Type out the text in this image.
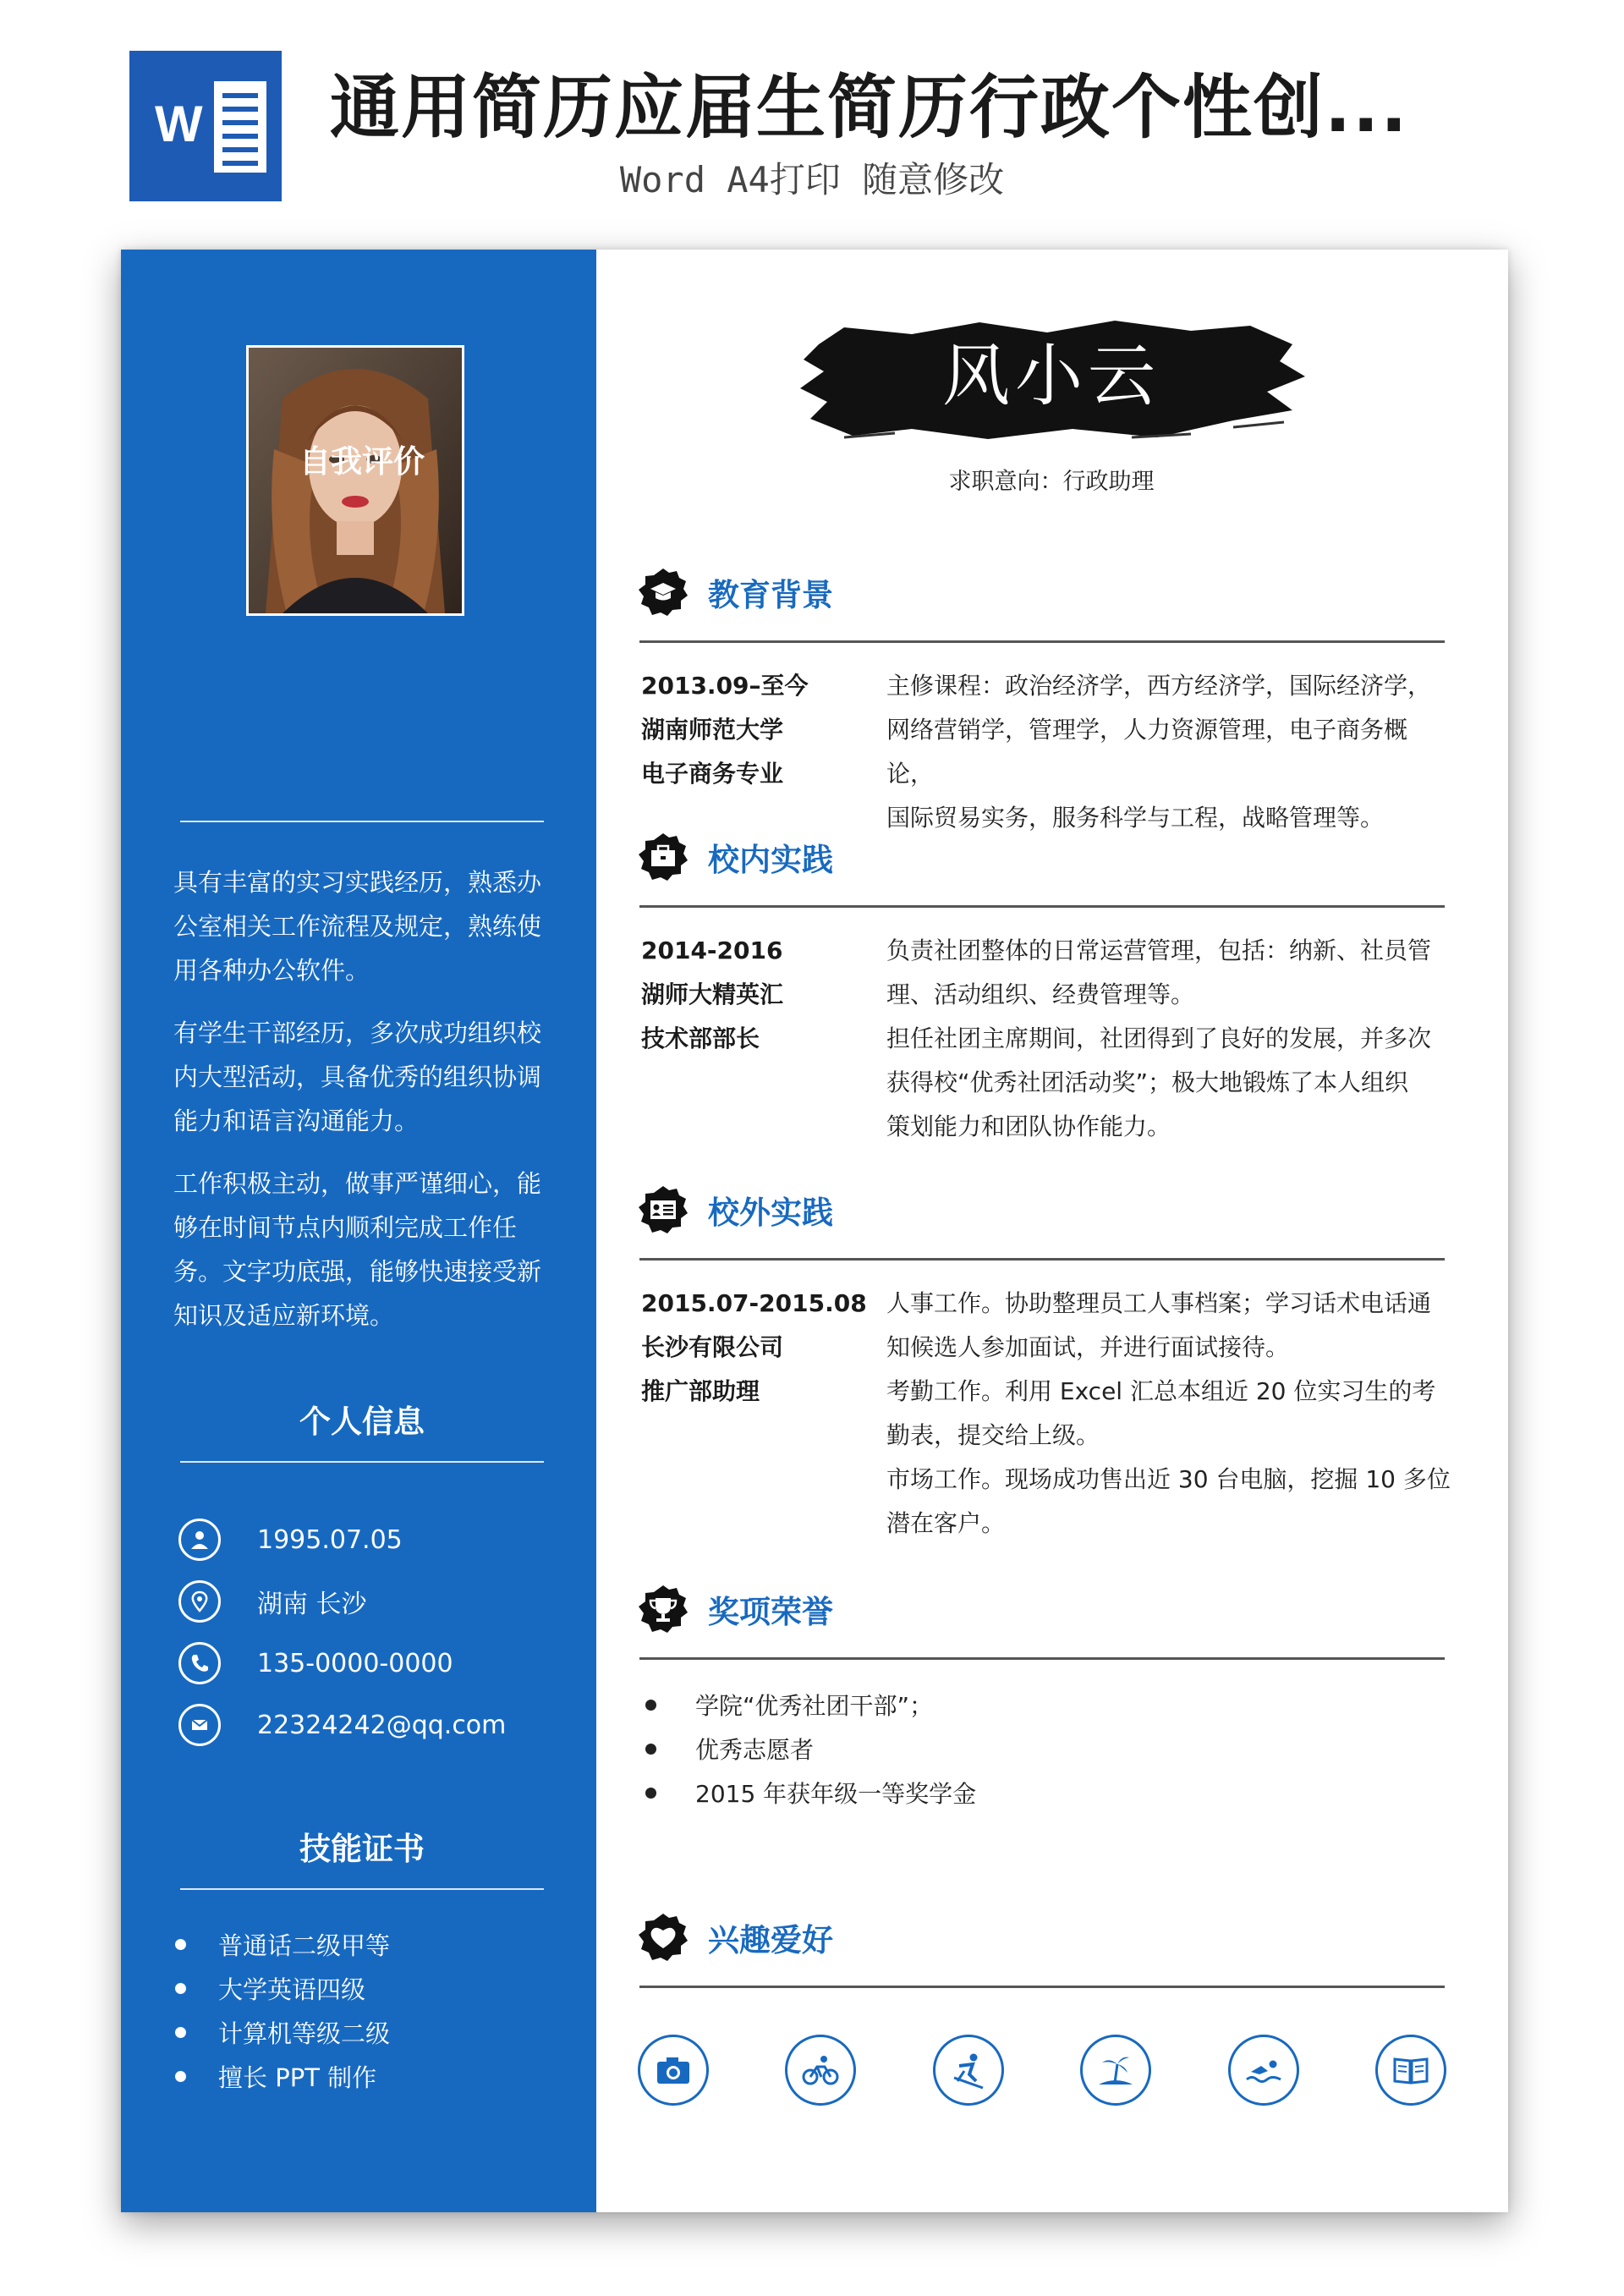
W 通用简历应届生简历行政个性创...
Word A4打印 随意修改
自我评价
具有丰富的实习实践经历，熟悉办
公室相关工作流程及规定，熟练使
用各种办公软件。
有学生干部经历，多次成功组织校
内大型活动，具备优秀的组织协调
能力和语言沟通能力。
工作积极主动，做事严谨细心，能
够在时间节点内顺利完成工作任
务。文字功底强，能够快速接受新
知识及适应新环境。
个人信息
1995.07.05
湖南 长沙
135-0000-0000
22324242@qq.com
技能证书
普通话二级甲等
大学英语四级
计算机等级二级
擅长 PPT 制作
风小云
求职意向：行政助理
教育背景
2013.09–至今
湖南师范大学
电子商务专业
主修课程：政治经济学，西方经济学，国际经济学，
网络营销学，管理学，人力资源管理，电子商务概论，
国际贸易实务，服务科学与工程，战略管理等。
校内实践
2014-2016
湖师大精英汇
技术部部长
负责社团整体的日常运营管理，包括：纳新、社员管
理、活动组织、经费管理等。
担任社团主席期间，社团得到了良好的发展，并多次
获得校“优秀社团活动奖”；极大地锻炼了本人组织
策划能力和团队协作能力。
校外实践
2015.07-2015.08
长沙有限公司
推广部助理
人事工作。协助整理员工人事档案；学习话术电话通
知候选人参加面试，并进行面试接待。
考勤工作。利用 Excel 汇总本组近 20 位实习生的考
勤表，提交给上级。
市场工作。现场成功售出近 30 台电脑，挖掘 10 多位
潜在客户。
奖项荣誉
学院“优秀社团干部”；
优秀志愿者
2015 年获年级一等奖学金
兴趣爱好
